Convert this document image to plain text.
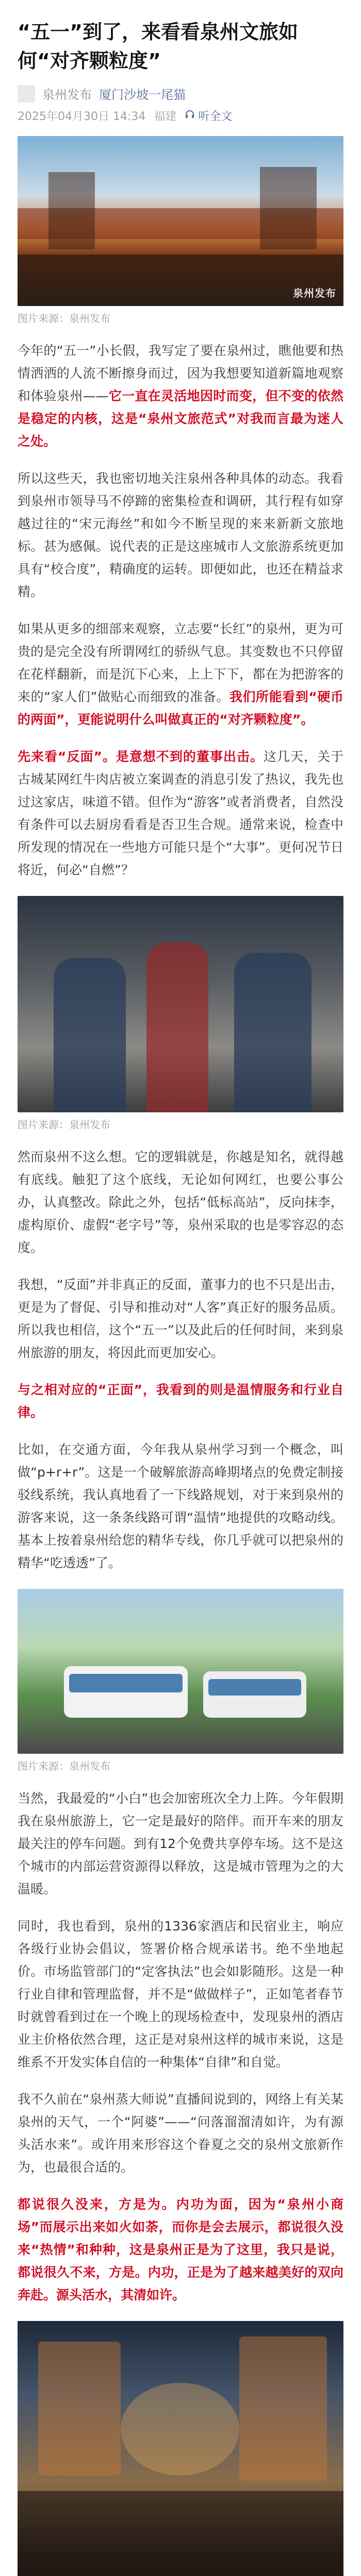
“五一”到了，来看看泉州文旅如何“对齐颗粒度”
泉州发布 厦门沙坡一尾猫
2025年04月30日 14:34 福建 听全文
泉州发布
图片来源：泉州发布

今年的“五一”小长假，我写定了要在泉州过，瞧他要和热情洒洒的人流不断擦身而过，因为我想要知道新篇地观察和体验泉州——它一直在灵活地因时而变，但不变的依然是稳定的内核，这是“泉州文旅范式”对我而言最为迷人之处。

所以这些天，我也密切地关注泉州各种具体的动态。我看到泉州市领导马不停蹄的密集检查和调研，其行程有如穿越过往的“宋元海丝”和如今不断呈现的来来新新文旅地标。甚为感佩。说代表的正是这座城市人文旅游系统更加具有“校合度”，精确度的运转。即便如此，也还在精益求精。

如果从更多的细部来观察，立志要“长红”的泉州，更为可贵的是完全没有所谓网红的骄纵气息。其变数也不只停留在花样翻新，而是沉下心来，上上下下，都在为把游客的来的“家人们”做贴心而细致的准备。我们所能看到“硬币的两面”，更能说明什么叫做真正的“对齐颗粒度”。

先来看“反面”。是意想不到的董事出击。这几天，关于古城某网红牛肉店被立案调查的消息引发了热议，我先也过这家店，味道不错。但作为“游客”或者消费者，自然没有条件可以去厨房看看是否卫生合规。通常来说，检查中所发现的情况在一些地方可能只是个“大事”。更何况节日将近，何必“自燃”？

图片来源：泉州发布

然而泉州不这么想。它的逻辑就是，你越是知名，就得越有底线。触犯了这个底线，无论如何网红，也要公事公办，认真整改。除此之外，包括“低标高站”，反向抹李，虚构原价、虚假“老字号”等，泉州采取的也是零容忍的态度。

我想，“反面”并非真正的反面，董事力的也不只是出击，更是为了督促、引导和推动对“人客”真正好的服务品质。所以我也相信，这个“五一”以及此后的任何时间，来到泉州旅游的朋友，将因此而更加安心。

与之相对应的“正面”，我看到的则是温情服务和行业自律。

比如，在交通方面，今年我从泉州学习到一个概念，叫做“p+r+r”。这是一个破解旅游高峰期堵点的免费定制接驳线系统，我认真地看了一下线路规划，对于来到泉州的游客来说，这一条条线路可谓“温情”地提供的攻略动线。基本上按着泉州给您的精华专线，你几乎就可以把泉州的精华“吃透透”了。

图片来源：泉州发布

当然，我最爱的“小白”也会加密班次全力上阵。今年假期我在泉州旅游上，它一定是最好的陪伴。而开车来的朋友最关注的停车问题。到有12个免费共享停车场。这不是这个城市的内部运营资源得以释放，这是城市管理为之的大温暖。

同时，我也看到，泉州的1336家酒店和民宿业主，响应各级行业协会倡议，签署价格合规承诺书。绝不坐地起价。市场监管部门的“定客执法”也会如影随形。这是一种行业自律和管理监督，并不是“做做样子”，正如笔者春节时就曾看到过在一个晚上的现场检查中，发现泉州的酒店业主价格依然合理，这正是对泉州这样的城市来说，这是维系不开发实体自信的一种集体“自律”和自觉。

我不久前在“泉州蒸大师说”直播间说到的，网络上有关某泉州的天气，一个“阿婆”——“问落溜溜清如许，为有源头活水来”。或许用来形容这个眷夏之交的泉州文旅新作为，也最很合适的。

都说很久没来，方是为。内功为面，因为“泉州小商场”而展示出来如火如荼，而你是会去展示，都说很久没来“热情”和种种，这是泉州正是为了这里，我只是说，都说很久不来，方是。内功，正是为了越来越美好的双向奔赴。源头活水，其清如许。
